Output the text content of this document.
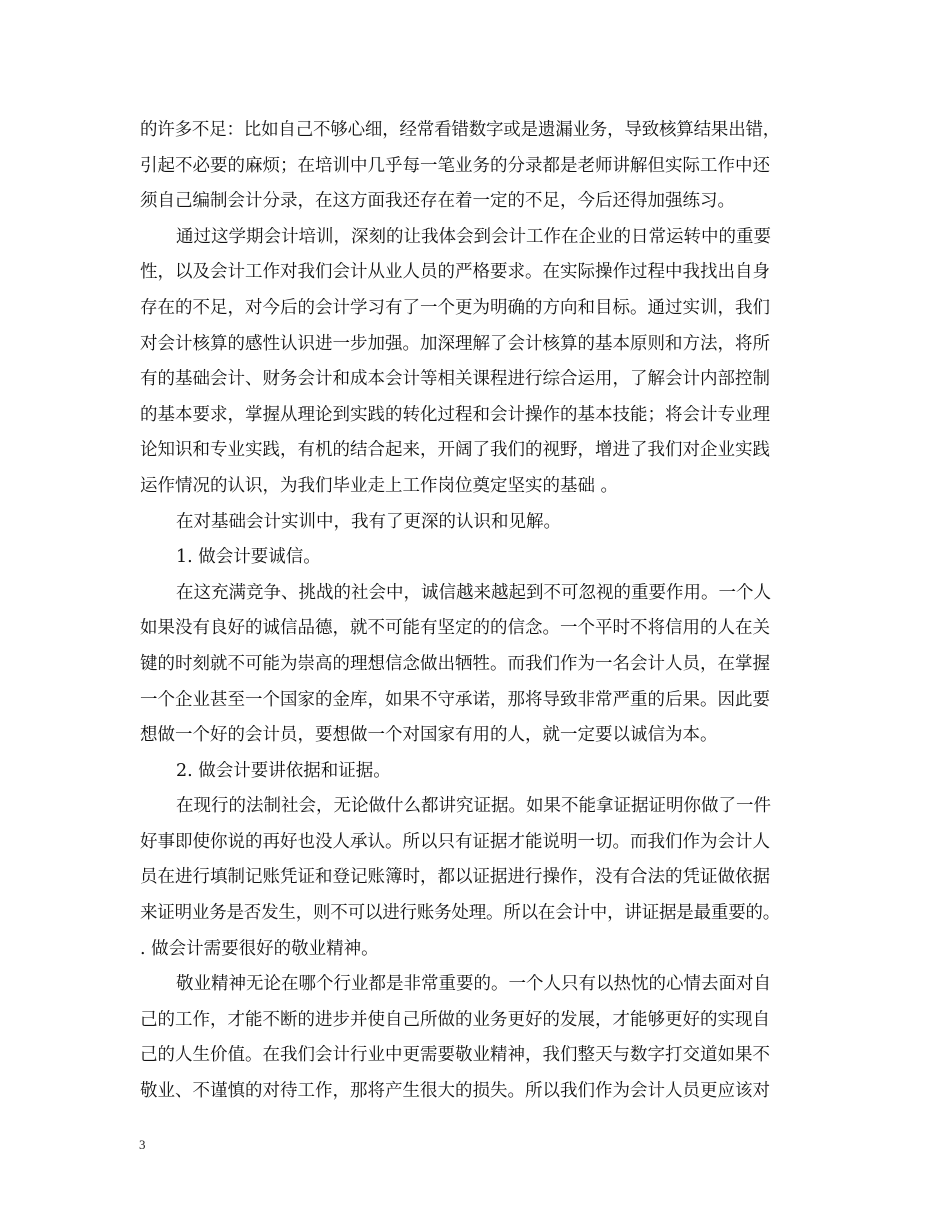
的许多不足：比如自己不够心细，经常看错数字或是遗漏业务，导致核算结果出错，
引起不必要的麻烦；在培训中几乎每一笔业务的分录都是老师讲解但实际工作中还
须自己编制会计分录，在这方面我还存在着一定的不足，今后还得加强练习。
通过这学期会计培训，深刻的让我体会到会计工作在企业的日常运转中的重要
性，以及会计工作对我们会计从业人员的严格要求。在实际操作过程中我找出自身
存在的不足，对今后的会计学习有了一个更为明确的方向和目标。通过实训，我们
对会计核算的感性认识进一步加强。加深理解了会计核算的基本原则和方法，将所
有的基础会计、财务会计和成本会计等相关课程进行综合运用，了解会计内部控制
的基本要求，掌握从理论到实践的转化过程和会计操作的基本技能；将会计专业理
论知识和专业实践，有机的结合起来，开阔了我们的视野，增进了我们对企业实践
运作情况的认识，为我们毕业走上工作岗位奠定坚实的基础 。
在对基础会计实训中，我有了更深的认识和见解。
1. 做会计要诚信。
在这充满竞争、挑战的社会中，诚信越来越起到不可忽视的重要作用。一个人
如果没有良好的诚信品德，就不可能有坚定的的信念。一个平时不将信用的人在关
键的时刻就不可能为崇高的理想信念做出牺牲。而我们作为一名会计人员，在掌握
一个企业甚至一个国家的金库，如果不守承诺，那将导致非常严重的后果。因此要
想做一个好的会计员，要想做一个对国家有用的人，就一定要以诚信为本。
2. 做会计要讲依据和证据。
在现行的法制社会，无论做什么都讲究证据。如果不能拿证据证明你做了一件
好事即使你说的再好也没人承认。所以只有证据才能说明一切。而我们作为会计人
员在进行填制记账凭证和登记账簿时，都以证据进行操作，没有合法的凭证做依据
来证明业务是否发生，则不可以进行账务处理。所以在会计中，讲证据是最重要的。
. 做会计需要很好的敬业精神。
敬业精神无论在哪个行业都是非常重要的。一个人只有以热忱的心情去面对自
己的工作，才能不断的进步并使自己所做的业务更好的发展，才能够更好的实现自
己的人生价值。在我们会计行业中更需要敬业精神，我们整天与数字打交道如果不
敬业、不谨慎的对待工作，那将产生很大的损失。所以我们作为会计人员更应该对
3
